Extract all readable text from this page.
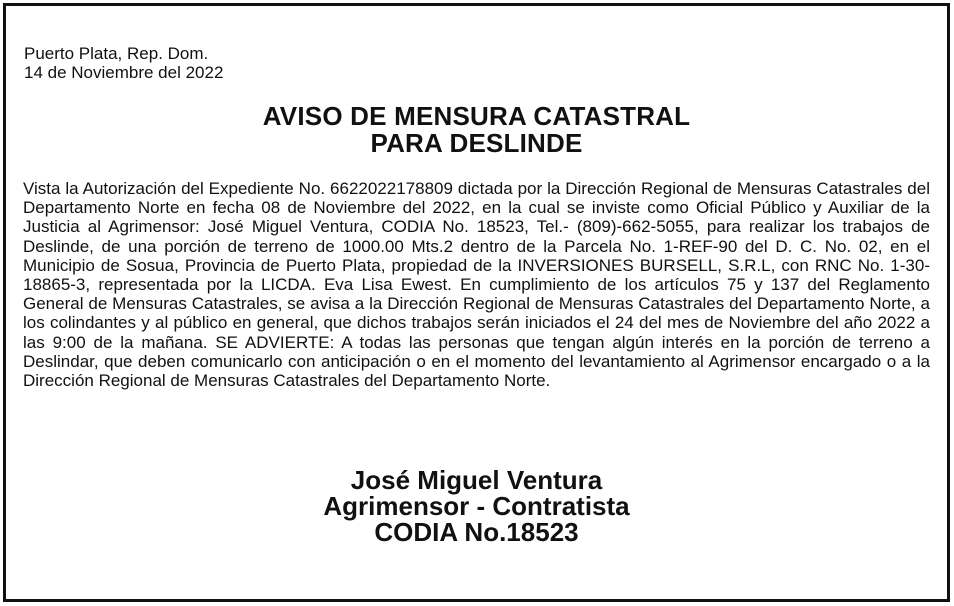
Puerto Plata, Rep. Dom.
14 de Noviembre del 2022
AVISO DE MENSURA CATASTRAL
PARA DESLINDE

Vista la Autorización del Expediente No. 6622022178809 dictada por la Dirección Regional de Mensuras Catastrales del Departamento Norte en fecha 08 de Noviembre del 2022, en la cual se inviste como Oficial Público y Auxiliar de la Justicia al Agrimensor: José Miguel Ventura, CODIA No. 18523, Tel.- (809)-662-5055, para realizar los trabajos de Deslinde, de una porción de terreno de 1000.00 Mts.2 dentro de la Parcela No. 1-REF-90 del D. C. No. 02, en el Municipio de Sosua, Provincia de Puerto Plata, propiedad de la INVERSIONES BURSELL, S.R.L, con RNC No. 1-30-18865-3, representada por la LICDA. Eva Lisa Ewest. En cumplimiento de los artículos 75 y 137 del Reglamento General de Mensuras Catastrales, se avisa a la Dirección Regional de Mensuras Catastrales del Departamento Norte, a los colindantes y al público en general, que dichos trabajos serán iniciados el 24 del mes de Noviembre del año 2022 a las 9:00 de la mañana. SE ADVIERTE: A todas las personas que tengan algún interés en la porción de terreno a Deslindar, que deben comunicarlo con anticipación o en el momento del levantamiento al Agrimensor encargado o a la Dirección Regional de Mensuras Catastrales del Departamento Norte.

José Miguel Ventura
Agrimensor - Contratista
CODIA No.18523
